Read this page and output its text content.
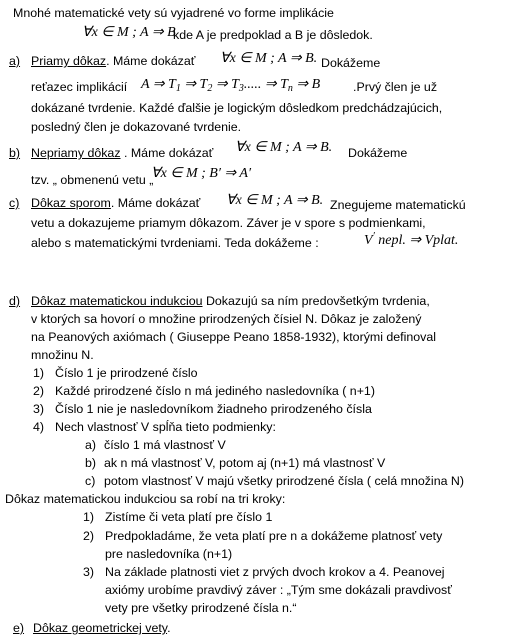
Mnohé matematické vety sú vyjadrené vo forme implikácie
∀x ∈ M ; A ⇒ B
kde A je predpoklad a B je dôsledok.
a) Priamy dôkaz. Máme dokázať ∀x ∈ M ; A ⇒ B. Dokážeme
reťazec implikácií A ⇒ $T_1$ ⇒ $T_2$ ⇒ $T_3$..... ⇒ $T_n$ ⇒ B	.Prvý člen je už
dokázané tvrdenie. Každé ďalšie je logickým dôsledkom predchádzajúcich,
posledný člen je dokazované tvrdenie.
b) Nepriamy dôkaz . Máme dokázať ∀x ∈ M ; A ⇒ B. Dokážeme
tzv. „ obmenenú vetu „
∀x ∈ M ; B′ ⇒ A′
c) Dôkaz sporom. Máme dokázať ∀x ∈ M ; A ⇒ B. Znegujeme matematickú
vetu a dokazujeme priamym dôkazom. Záver je v spore s podmienkami,
alebo s matematickými tvrdeniami. Teda dokážeme :	V′ nepl. ⇒ Vplat.
d) Dôkaz matematickou indukciou Dokazujú sa ním predovšetkým tvrdenia,
v ktorých sa hovorí o množine prirodzených čísiel N. Dôkaz je založený
na Peanových axiómach ( Giuseppe Peano 1858-1932), ktorými definoval
množinu N.
1) Číslo 1 je prirodzené číslo
2) Každé prirodzené číslo n má jediného nasledovníka ( n+1)
3) Číslo 1 nie je nasledovníkom žiadneho prirodzeného čísla
4) Nech vlastnosť V spĺňa tieto podmienky:
a) číslo 1 má vlastnosť V
b) ak n má vlastnosť V, potom aj (n+1) má vlastnosť V
c) potom vlastnosť V majú všetky prirodzené čísla ( celá množina N)
Dôkaz matematickou indukciou sa robí na tri kroky:
1) Zistíme či veta platí pre číslo 1
2) Predpokladáme, že veta platí pre n a dokážeme platnosť vety
pre nasledovníka (n+1)
3) Na základe platnosti viet z prvých dvoch krokov a 4. Peanovej
axiómy urobíme pravdivý záver : „Tým sme dokázali pravdivosť
vety pre všetky prirodzené čísla n.“
e) Dôkaz geometrickej vety.
